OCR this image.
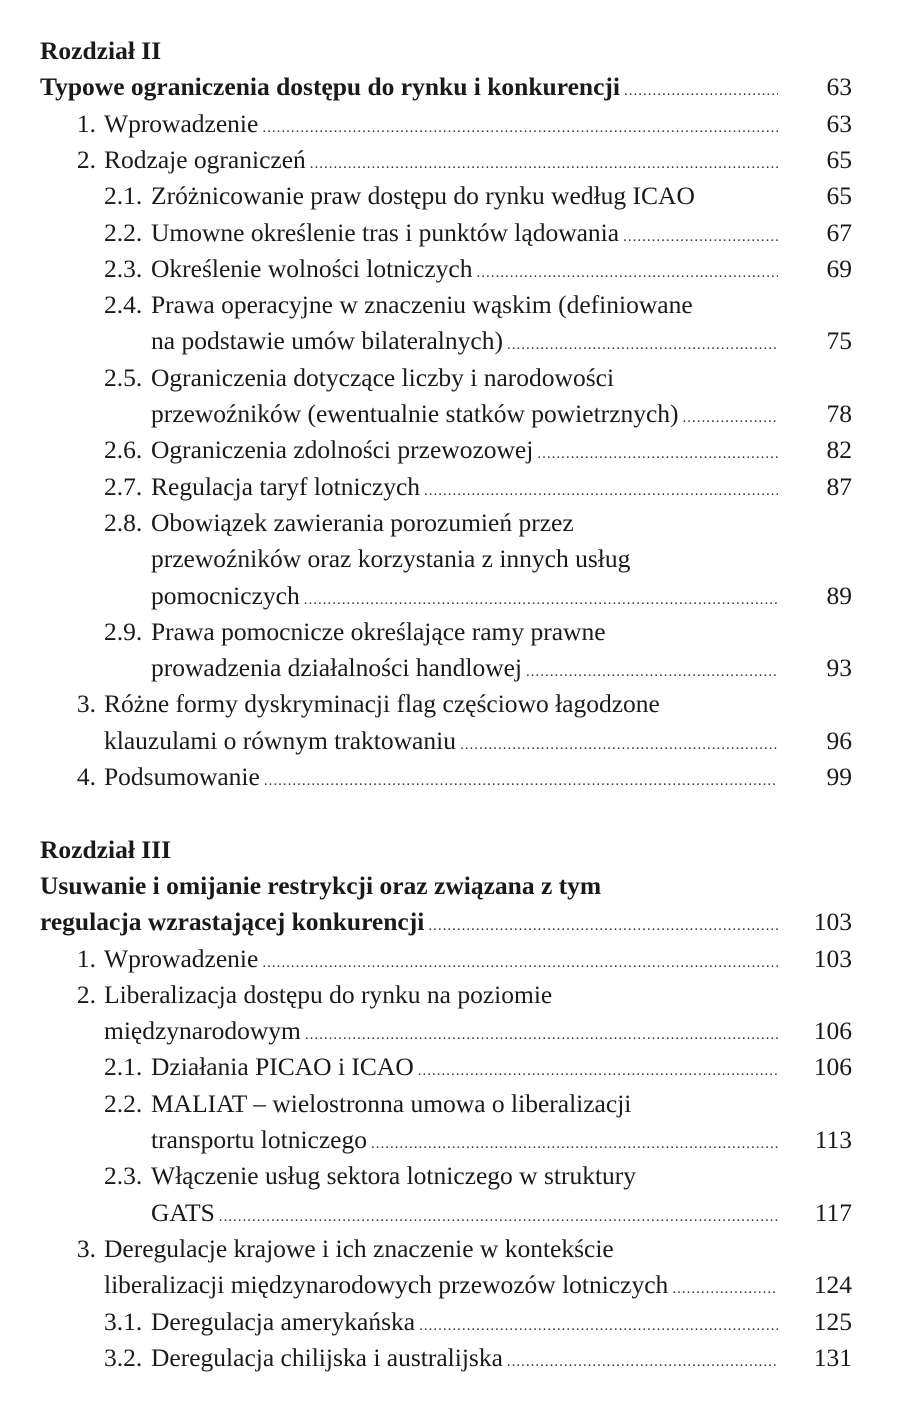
Rozdział II
Typowe ograniczenia dostępu do rynku i konkurencji .....	63
1. Wprowadzenie .....	63
2. Rodzaje ograniczeń .....	65
2.1. Zróżnicowanie praw dostępu do rynku według ICAO	65
2.2. Umowne określenie tras i punktów lądowania .....	67
2.3. Określenie wolności lotniczych .....	69
2.4. Prawa operacyjne w znaczeniu wąskim (definiowane
na podstawie umów bilateralnych) .....	75
2.5. Ograniczenia dotyczące liczby i narodowości
przewoźników (ewentualnie statków powietrznych) .....	78
2.6. Ograniczenia zdolności przewozowej .....	82
2.7. Regulacja taryf lotniczych .....	87
2.8. Obowiązek zawierania porozumień przez
przewoźników oraz korzystania z innych usług
pomocniczych .....	89
2.9. Prawa pomocnicze określające ramy prawne
prowadzenia działalności handlowej .....	93
3. Różne formy dyskryminacji flag częściowo łagodzone
klauzulami o równym traktowaniu .....	96
4. Podsumowanie .....	99
Rozdział III
Usuwanie i omijanie restrykcji oraz związana z tym
regulacja wzrastającej konkurencji .....	103
1. Wprowadzenie .....	103
2. Liberalizacja dostępu do rynku na poziomie
międzynarodowym .....	106
2.1. Działania PICAO i ICAO .....	106
2.2. MALIAT – wielostronna umowa o liberalizacji
transportu lotniczego .....	113
2.3. Włączenie usług sektora lotniczego w struktury
GATS .....	117
3. Deregulacje krajowe i ich znaczenie w kontekście
liberalizacji międzynarodowych przewozów lotniczych .....	124
3.1. Deregulacja amerykańska .....	125
3.2. Deregulacja chilijska i australijska .....	131
